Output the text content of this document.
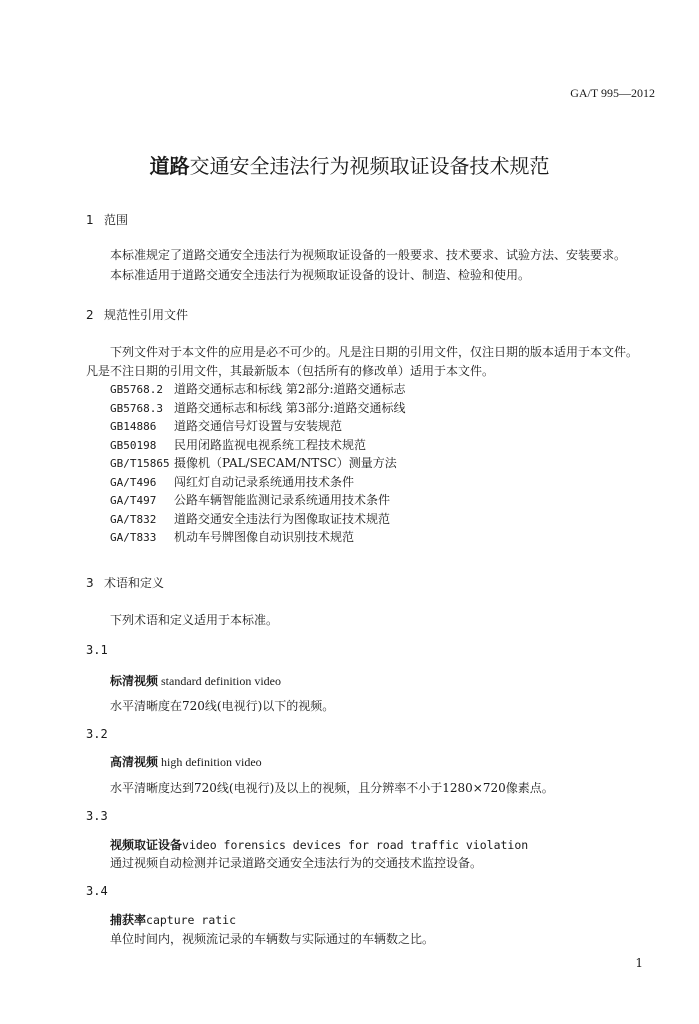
GA/T 995—2012
道路交通安全违法行为视频取证设备技术规范
1 范围
本标准规定了道路交通安全违法行为视频取证设备的一般要求、技术要求、试验方法、安装要求。
本标准适用于道路交通安全违法行为视频取证设备的设计、制造、检验和使用。
2 规范性引用文件
下列文件对于本文件的应用是必不可少的。凡是注日期的引用文件，仅注日期的版本适用于本文件。
凡是不注日期的引用文件，其最新版本（包括所有的修改单）适用于本文件。
GB5768.2 道路交通标志和标线 第2部分:道路交通标志
GB5768.3 道路交通标志和标线 第3部分:道路交通标线
GB14886 道路交通信号灯设置与安装规范
GB50198 民用闭路监视电视系统工程技术规范
GB/T15865 摄像机（PAL/SECAM/NTSC）测量方法
GA/T496 闯红灯自动记录系统通用技术条件
GA/T497 公路车辆智能监测记录系统通用技术条件
GA/T832 道路交通安全违法行为图像取证技术规范
GA/T833 机动车号牌图像自动识别技术规范
3 术语和定义
下列术语和定义适用于本标准。
3.1
标清视频 standard definition video
水平清晰度在720线(电视行)以下的视频。
3.2
高清视频 high definition video
水平清晰度达到720线(电视行)及以上的视频，且分辨率不小于1280×720像素点。
3.3
视频取证设备video forensics devices for road traffic violation
通过视频自动检测并记录道路交通安全违法行为的交通技术监控设备。
3.4
捕获率capture ratic
单位时间内，视频流记录的车辆数与实际通过的车辆数之比。
1
